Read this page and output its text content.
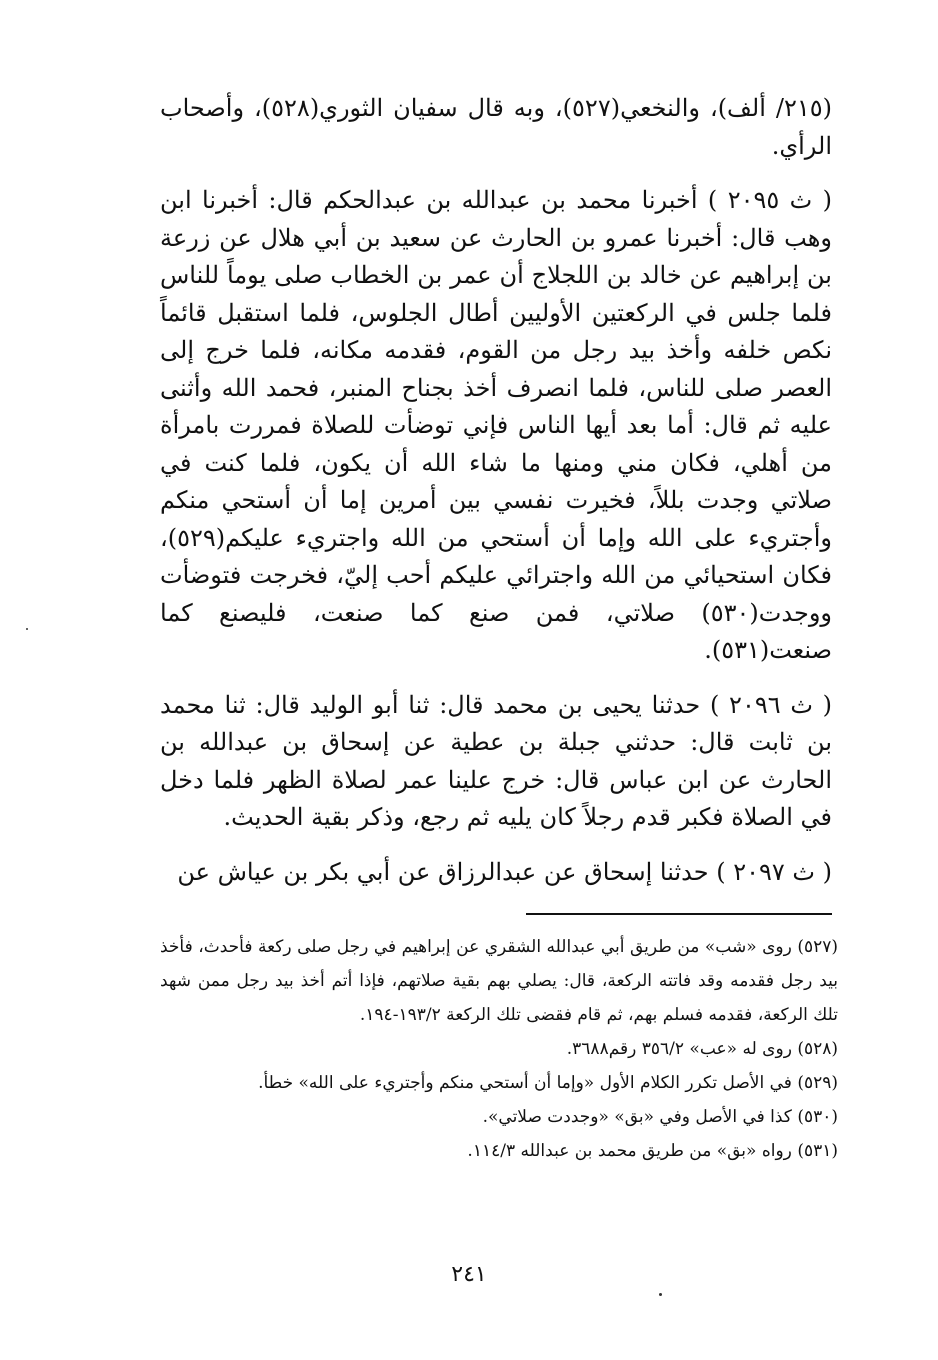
(٢١٥/ ألف)، والنخعي(٥٢٧)، وبه قال سفيان الثوري(٥٢٨)، وأصحاب الرأي.

( ث ٢٠٩٥ ) أخبرنا محمد بن عبدالله بن عبدالحكم قال: أخبرنا ابن وهب قال: أخبرنا عمرو بن الحارث عن سعيد بن أبي هلال عن زرعة بن إبراهيم عن خالد بن اللجلاج أن عمر بن الخطاب صلى يوماً للناس فلما جلس في الركعتين الأوليين أطال الجلوس، فلما استقبل قائماً نكص خلفه وأخذ بيد رجل من القوم، فقدمه مكانه، فلما خرج إلى العصر صلى للناس، فلما انصرف أخذ بجناح المنبر، فحمد الله وأثنى عليه ثم قال: أما بعد أيها الناس فإني توضأت للصلاة فمررت بامرأة من أهلي، فكان مني ومنها ما شاء الله أن يكون، فلما كنت في صلاتي وجدت بللاً، فخيرت نفسي بين أمرين إما أن أستحي منكم وأجتريء على الله وإما أن أستحي من الله واجتريء عليكم(٥٢٩)، فكان استحيائي من الله واجترائي عليكم أحب إليّ، فخرجت فتوضأت ووجدت(٥٣٠) صلاتي، فمن صنع كما صنعت، فليصنع كما صنعت(٥٣١).

( ث ٢٠٩٦ ) حدثنا يحيى بن محمد قال: ثنا أبو الوليد قال: ثنا محمد بن ثابت قال: حدثني جبلة بن عطية عن إسحاق بن عبدالله بن الحارث عن ابن عباس قال: خرج علينا عمر لصلاة الظهر فلما دخل في الصلاة فكبر قدم رجلاً كان يليه ثم رجع، وذكر بقية الحديث.

( ث ٢٠٩٧ ) حدثنا إسحاق عن عبدالرزاق عن أبي بكر بن عياش عن

(٥٢٧) روى «شب» من طريق أبي عبدالله الشقري عن إبراهيم في رجل صلى ركعة فأحدث، فأخذ بيد رجل فقدمه وقد فاتته الركعة، قال: يصلي بهم بقية صلاتهم، فإذا أتم أخذ بيد رجل ممن شهد تلك الركعة، فقدمه فسلم بهم، ثم قام فقضى تلك الركعة ١٩٣/٢-١٩٤.
(٥٢٨) روى له «عب» ٣٥٦/٢ رقم٣٦٨٨.
(٥٢٩) في الأصل تكرر الكلام الأول «وإما أن أستحي منكم وأجتريء على الله» خطأ.
(٥٣٠) كذا في الأصل وفي «بق» «وجددت صلاتي».
(٥٣١) رواه «بق» من طريق محمد بن عبدالله ١١٤/٣.
٢٤١
